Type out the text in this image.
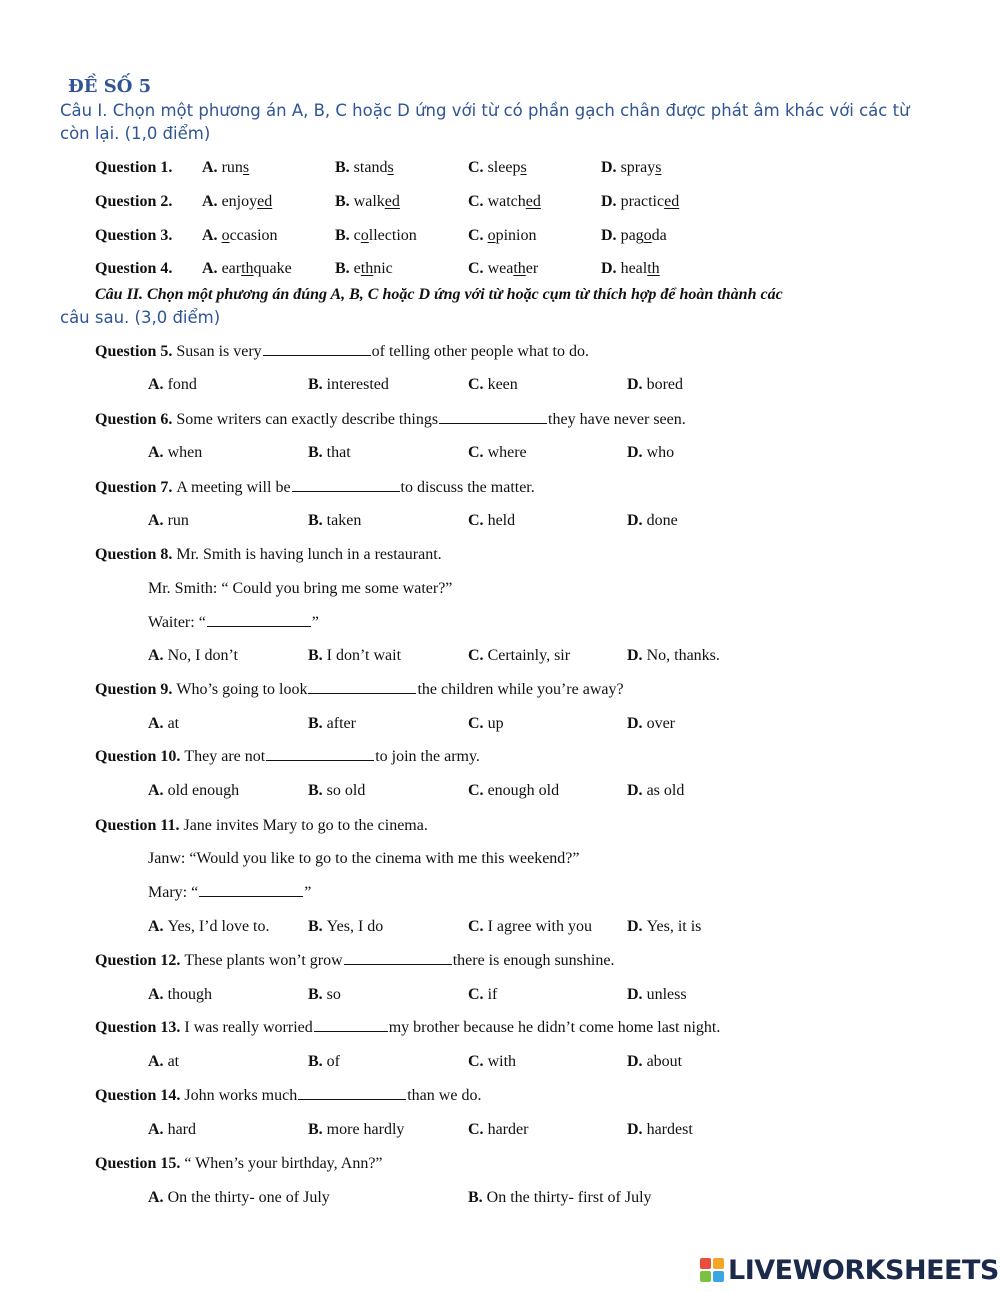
ĐỀ SỐ 5
Câu I. Chọn một phương án A, B, C hoặc D ứng với từ có phần gạch chân được phát âm khác với các từ
còn lại. (1,0 điểm)
Question 1. A. runs	B. stands	C. sleeps	D. sprays
Question 2. A. enjoyed	B. walked	C. watched	D. practiced
Question 3. A. occasion	B. collection	C. opinion	D. pagoda
Question 4. A. earthquake	B. ethnic	C. weather	D. health
Câu II. Chọn một phương án đúng A, B, C hoặc D ứng với từ hoặc cụm từ thích hợp để hoàn thành các
câu sau. (3,0 điểm)
Question 5. Susan is very	of telling other people what to do.
A. fond	B. interested	C. keen	D. bored
Question 6. Some writers can exactly describe things	they have never seen.
A. when	B. that	C. where	D. who
Question 7. A meeting will be	to discuss the matter.
A. run	B. taken	C. held	D. done
Question 8. Mr. Smith is having lunch in a restaurant.
Mr. Smith: “ Could you bring me some water?”
Waiter: “	”
A. No, I don’t	B. I don’t wait	C. Certainly, sir	D. No, thanks.
Question 9. Who’s going to look	the children while you’re away?
A. at	B. after	C. up	D. over
Question 10. They are not	to join the army.
A. old enough	B. so old	C. enough old	D. as old
Question 11. Jane invites Mary to go to the cinema.
Janw: “Would you like to go to the cinema with me this weekend?”
Mary: “	”
A. Yes, I’d love to. B. Yes, I do	C. I agree with you D. Yes, it is
Question 12. These plants won’t grow	there is enough sunshine.
A. though	B. so	C. if	D. unless
Question 13. I was really worried	my brother because he didn’t come home last night.
A. at	B. of	C. with	D. about
Question 14. John works much	than we do.
A. hard	B. more hardly	C. harder	D. hardest
Question 15. “ When’s your birthday, Ann?”
A. On the thirty- one of July	B. On the thirty- first of July
LIVEWORKSHEETS
